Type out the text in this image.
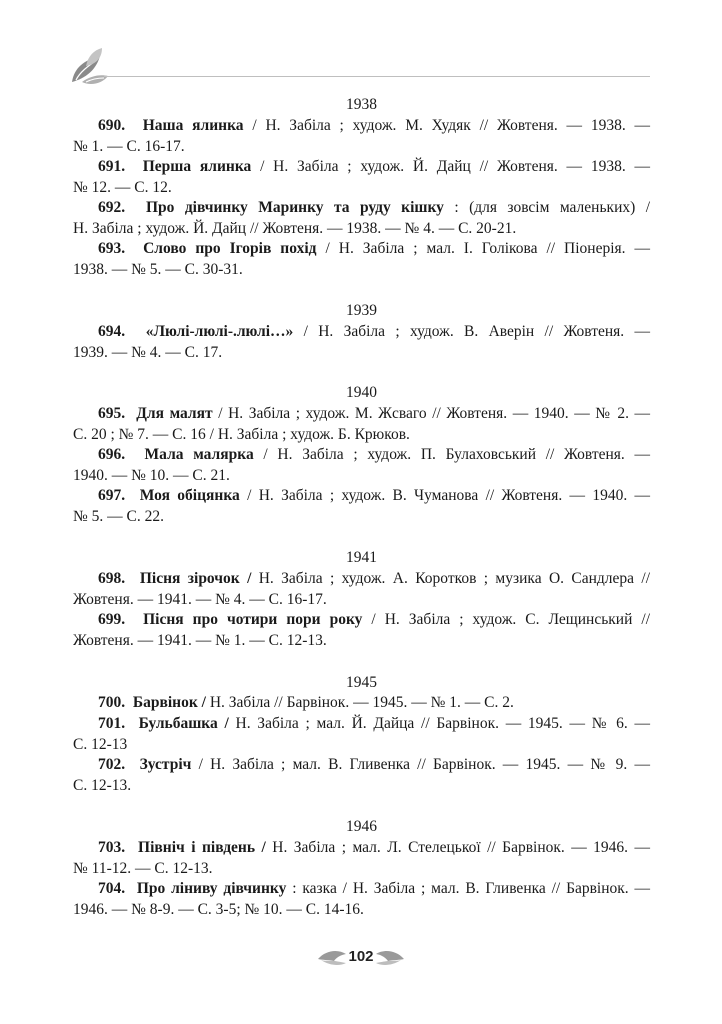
1938
690. Наша ялинка / Н. Забіла ; худож. М. Худяк // Жовтеня. — 1938. —
№ 1. — С. 16-17.
691. Перша ялинка / Н. Забіла ; худож. Й. Дайц // Жовтеня. — 1938. —
№ 12. — С. 12.
692. Про дівчинку Маринку та руду кішку : (для зовсім маленьких) /
Н. Забіла ; худож. Й. Дайц // Жовтеня. — 1938. — № 4. — С. 20-21.
693. Слово про Ігорів похід / Н. Забіла ; мал. І. Голікова // Піонерія. —
1938. — № 5. — С. 30-31.
1939
694. «Люлі-люлі-.люлі…» / Н. Забіла ; худож. В. Аверін // Жовтеня. —
1939. — № 4. — С. 17.
1940
695. Для малят / Н. Забіла ; худож. М. Жсваго // Жовтеня. — 1940. — № 2. —
С. 20 ; № 7. — С. 16 / Н. Забіла ; худож. Б. Крюков.
696. Мала малярка / Н. Забіла ; худож. П. Булаховський // Жовтеня. —
1940. — № 10. — С. 21.
697. Моя обіцянка / Н. Забіла ; худож. В. Чуманова // Жовтеня. — 1940. —
№ 5. — С. 22.
1941
698. Пісня зірочок / Н. Забіла ; худож. А. Коротков ; музика О. Сандлера //
Жовтеня. — 1941. — № 4. — С. 16-17.
699. Пісня про чотири пори року / Н. Забіла ; худож. С. Лещинський //
Жовтеня. — 1941. — № 1. — С. 12-13.
1945
700. Барвінок / Н. Забіла // Барвінок. — 1945. — № 1. — С. 2.
701. Бульбашка / Н. Забіла ; мал. Й. Дайца // Барвінок. — 1945. — № 6. —
С. 12-13
702. Зустріч / Н. Забіла ; мал. В. Гливенка // Барвінок. — 1945. — № 9. —
С. 12-13.
1946
703. Північ і південь / Н. Забіла ; мал. Л. Стелецької // Барвінок. — 1946. —
№ 11-12. — С. 12-13.
704. Про ліниву дівчинку : казка / Н. Забіла ; мал. В. Гливенка // Барвінок. —
1946. — № 8-9. — С. 3-5; № 10. — С. 14-16.
102
